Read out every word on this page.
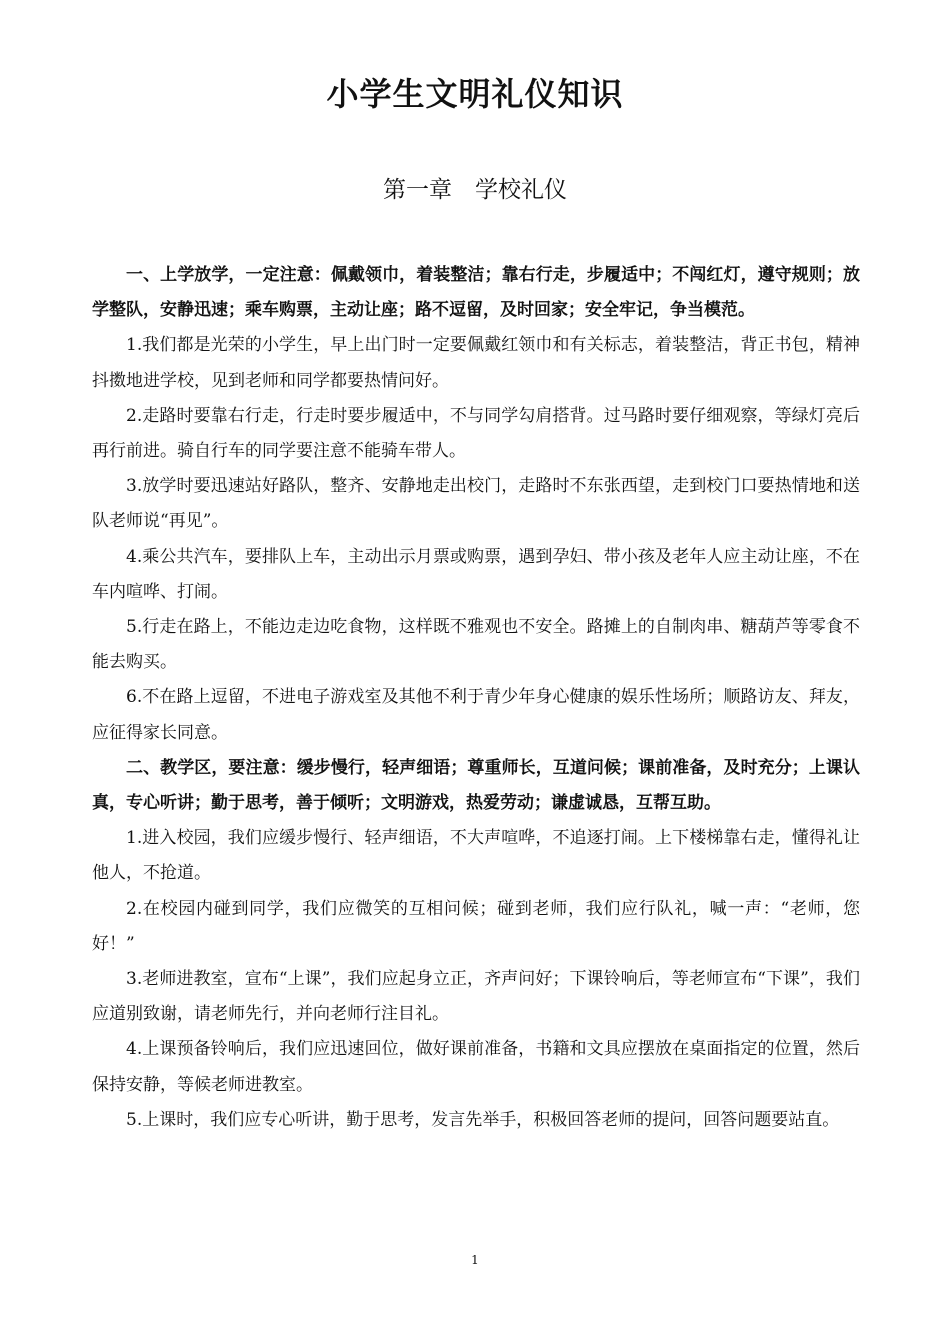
小学生文明礼仪知识
第一章　学校礼仪

一、上学放学，一定注意：佩戴领巾，着装整洁；靠右行走，步履适中；不闯红灯，遵守规则；放学整队，安静迅速；乘车购票，主动让座；路不逗留，及时回家；安全牢记，争当模范。

1.我们都是光荣的小学生，早上出门时一定要佩戴红领巾和有关标志，着装整洁，背正书包，精神抖擞地进学校，见到老师和同学都要热情问好。

2.走路时要靠右行走，行走时要步履适中，不与同学勾肩搭背。过马路时要仔细观察，等绿灯亮后再行前进。骑自行车的同学要注意不能骑车带人。

3.放学时要迅速站好路队，整齐、安静地走出校门，走路时不东张西望，走到校门口要热情地和送队老师说“再见”。

4.乘公共汽车，要排队上车，主动出示月票或购票，遇到孕妇、带小孩及老年人应主动让座，不在车内喧哗、打闹。

5.行走在路上，不能边走边吃食物，这样既不雅观也不安全。路摊上的自制肉串、糖葫芦等零食不能去购买。

6.不在路上逗留，不进电子游戏室及其他不利于青少年身心健康的娱乐性场所；顺路访友、拜友，应征得家长同意。

二、教学区，要注意：缓步慢行，轻声细语；尊重师长，互道问候；课前准备，及时充分；上课认真，专心听讲；勤于思考，善于倾听；文明游戏，热爱劳动；谦虚诚恳，互帮互助。

1.进入校园，我们应缓步慢行、轻声细语，不大声喧哗，不追逐打闹。上下楼梯靠右走，懂得礼让他人，不抢道。

2.在校园内碰到同学，我们应微笑的互相问候；碰到老师，我们应行队礼，喊一声：“老师，您好！”

3.老师进教室，宣布“上课”，我们应起身立正，齐声问好；下课铃响后，等老师宣布“下课”，我们应道别致谢，请老师先行，并向老师行注目礼。

4.上课预备铃响后，我们应迅速回位，做好课前准备，书籍和文具应摆放在桌面指定的位置，然后保持安静，等候老师进教室。

5.上课时，我们应专心听讲，勤于思考，发言先举手，积极回答老师的提问，回答问题要站直。

1
